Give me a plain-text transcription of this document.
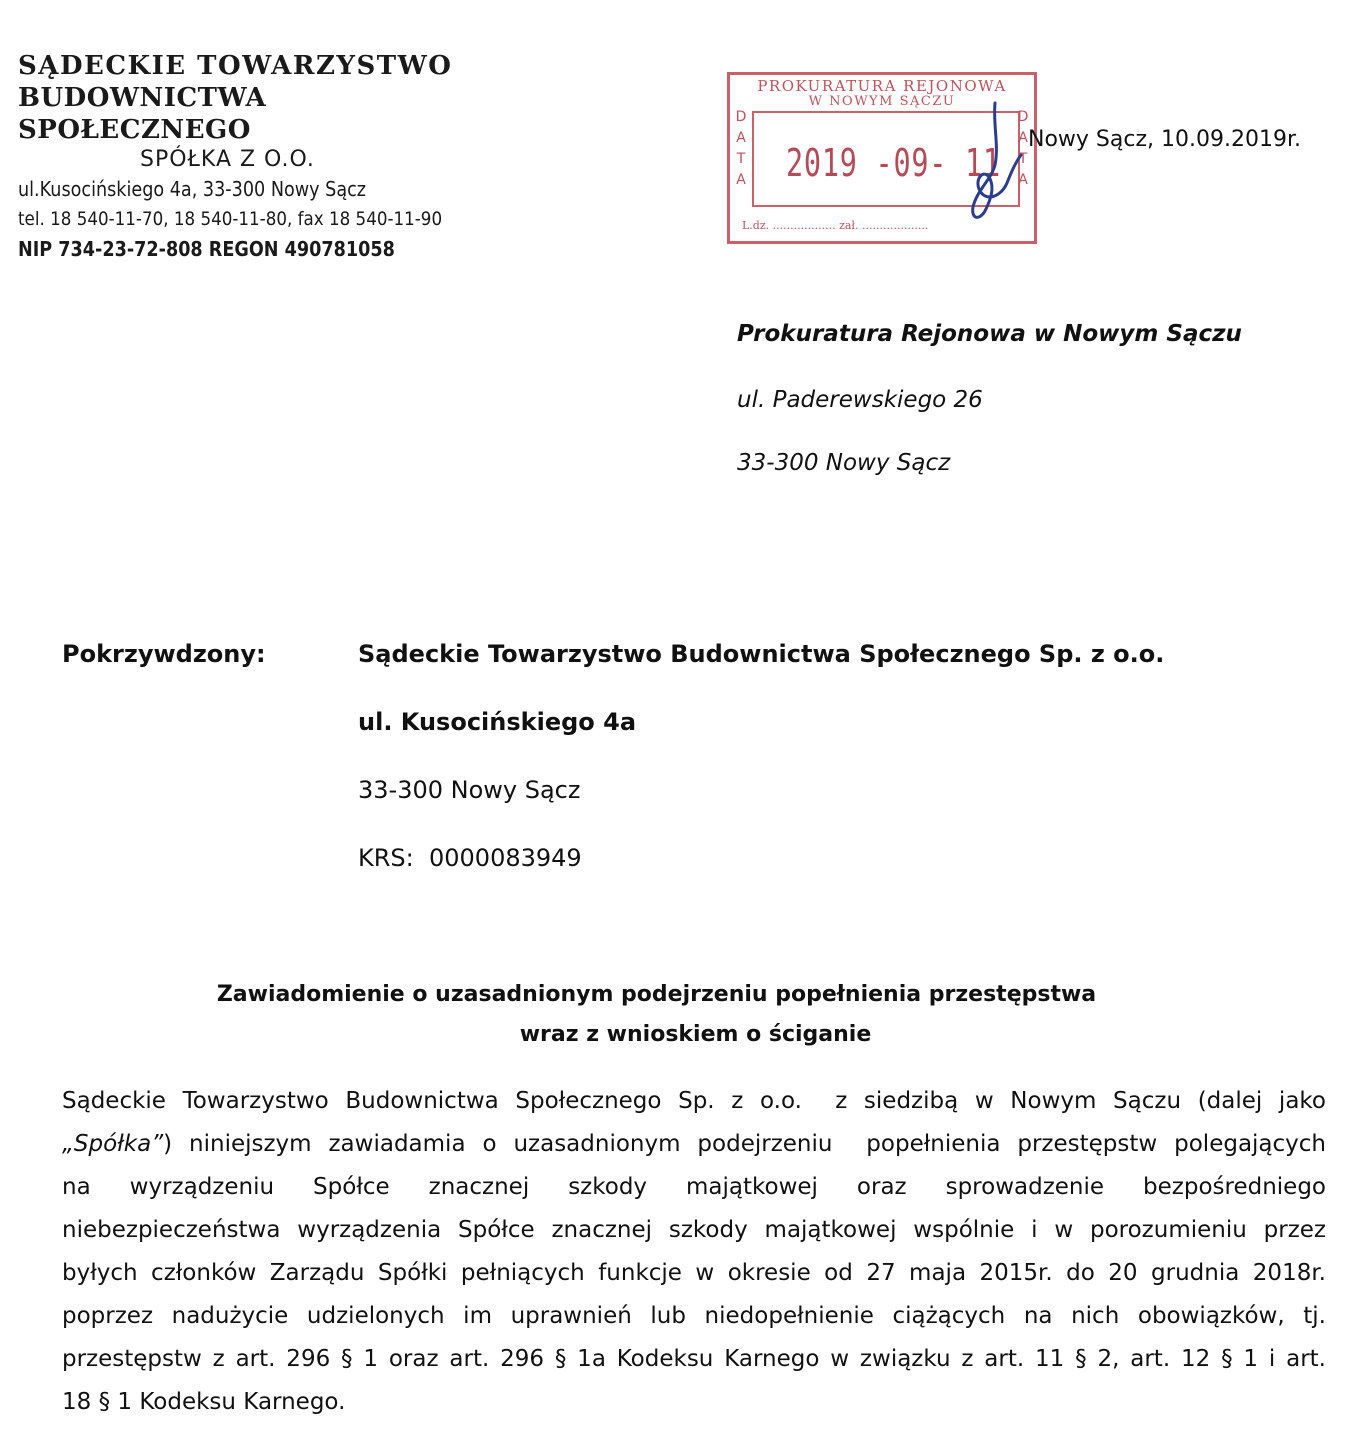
SĄDECKIE TOWARZYSTWO
BUDOWNICTWA SPOŁECZNEGO
SPÓŁKA Z O.O.
ul.Kusocińskiego 4a, 33-300 Nowy Sącz
tel. 18 540-11-70, 18 540-11-80, fax 18 540-11-90
NIP 734-23-72-808 REGON 490781058
PROKURATURA REJONOWA
W NOWYM SĄCZU
D
A
T
A 2019 -09- 11
D
A
T
A
L.dz. .................. zał. ...................
Nowy Sącz, 10.09.2019r.
Prokuratura Rejonowa w Nowym Sączu
ul. Paderewskiego 26
33-300 Nowy Sącz
Pokrzywdzony:	Sądeckie Towarzystwo Budownictwa Społecznego Sp. z o.o.
ul. Kusocińskiego 4a
33-300 Nowy Sącz
KRS:  0000083949
Zawiadomienie o uzasadnionym podejrzeniu popełnienia przestępstwa
wraz z wnioskiem o ściganie
Sądeckie Towarzystwo Budownictwa Społecznego Sp. z o.o.  z siedzibą w Nowym Sączu (dalej jako
„Spółka”) niniejszym zawiadamia o uzasadnionym podejrzeniu  popełnienia przestępstw polegających
na wyrządzeniu Spółce znacznej szkody majątkowej oraz sprowadzenie bezpośredniego
niebezpieczeństwa wyrządzenia Spółce znacznej szkody majątkowej wspólnie i w porozumieniu przez
byłych członków Zarządu Spółki pełniących funkcje w okresie od 27 maja 2015r. do 20 grudnia 2018r.
poprzez nadużycie udzielonych im uprawnień lub niedopełnienie ciążących na nich obowiązków, tj.
przestępstw z art. 296 § 1 oraz art. 296 § 1a Kodeksu Karnego w związku z art. 11 § 2, art. 12 § 1 i art.
18 § 1 Kodeksu Karnego.
